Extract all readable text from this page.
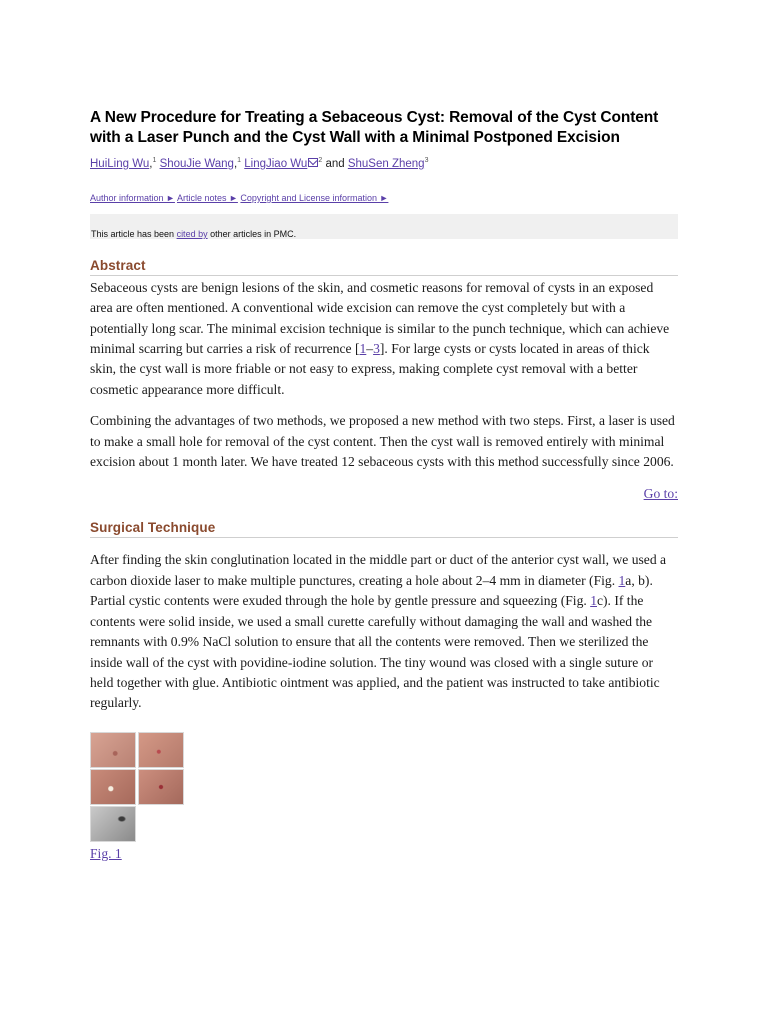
A New Procedure for Treating a Sebaceous Cyst: Removal of the Cyst Content with a Laser Punch and the Cyst Wall with a Minimal Postponed Excision
HuiLing Wu,$^1$ ShouJie Wang,$^1$ LingJiao Wu $^2$ and ShuSen Zheng$^3$
Author information ► Article notes ► Copyright and License information ►
This article has been cited by other articles in PMC.
Abstract

Sebaceous cysts are benign lesions of the skin, and cosmetic reasons for removal of cysts in an exposed area are often mentioned. A conventional wide excision can remove the cyst completely but with a potentially long scar. The minimal excision technique is similar to the punch technique, which can achieve minimal scarring but carries a risk of recurrence [1–3]. For large cysts or cysts located in areas of thick skin, the cyst wall is more friable or not easy to express, making complete cyst removal with a better cosmetic appearance more difficult.

Combining the advantages of two methods, we proposed a new method with two steps. First, a laser is used to make a small hole for removal of the cyst content. Then the cyst wall is removed entirely with minimal excision about 1 month later. We have treated 12 sebaceous cysts with this method successfully since 2006.

Go to:
Surgical Technique

After finding the skin conglutination located in the middle part or duct of the anterior cyst wall, we used a carbon dioxide laser to make multiple punctures, creating a hole about 2–4 mm in diameter (Fig. 1a, b). Partial cystic contents were exuded through the hole by gentle pressure and squeezing (Fig. 1c). If the contents were solid inside, we used a small curette carefully without damaging the wall and washed the remnants with 0.9% NaCl solution to ensure that all the contents were removed. Then we sterilized the inside wall of the cyst with povidine-iodine solution. The tiny wound was closed with a single suture or held together with glue. Antibiotic ointment was applied, and the patient was instructed to take antibiotic regularly.

Fig. 1
